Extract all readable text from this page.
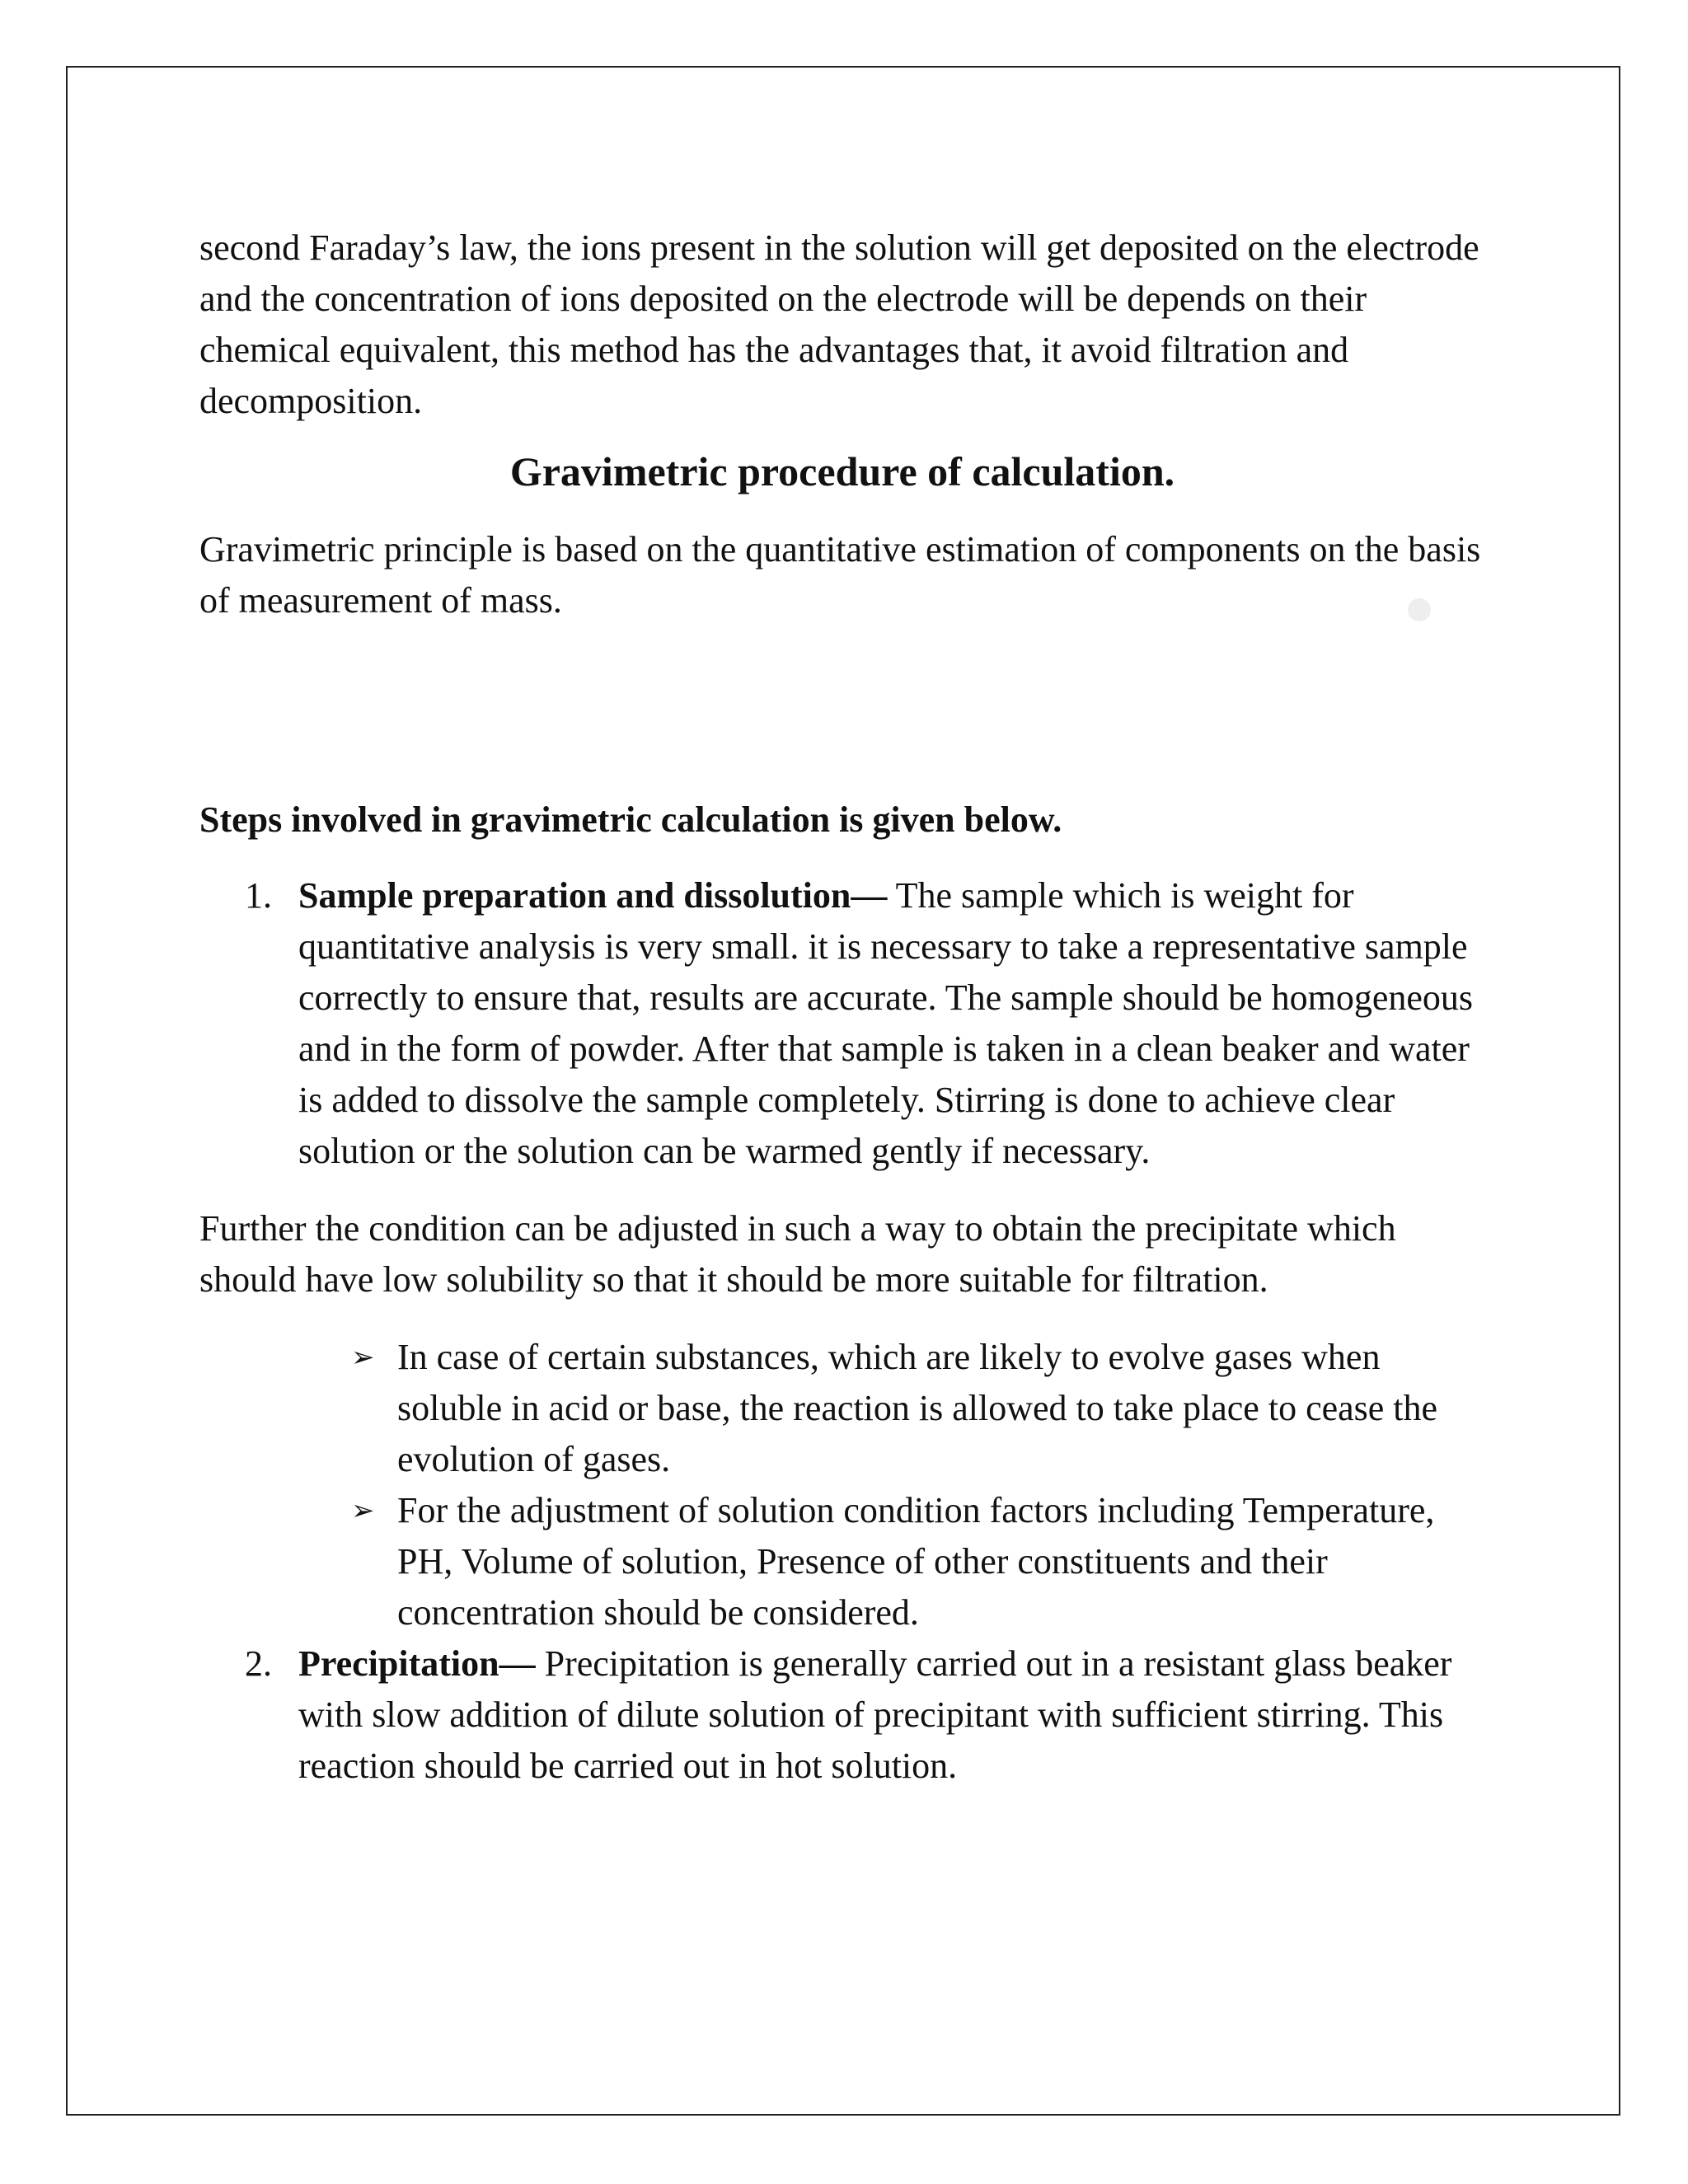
second Faraday’s law, the ions present in the solution will get deposited on the electrode and the concentration of ions deposited on the electrode will be depends on their chemical equivalent, this method has the advantages that, it avoid filtration and decomposition.

Gravimetric procedure of calculation.

Gravimetric principle is based on the quantitative estimation of components on the basis of measurement of mass.

Steps involved in gravimetric calculation is given below.

1. Sample preparation and dissolution— The sample which is weight for quantitative analysis is very small. it is necessary to take a representative sample correctly to ensure that, results are accurate. The sample should be homogeneous and in the form of powder. After that sample is taken in a clean beaker and water is added to dissolve the sample completely. Stirring is done to achieve clear solution or the solution can be warmed gently if necessary.

Further the condition can be adjusted in such a way to obtain the precipitate which should have low solubility so that it should be more suitable for filtration.

➢ In case of certain substances, which are likely to evolve gases when soluble in acid or base, the reaction is allowed to take place to cease the evolution of gases.
➢ For the adjustment of solution condition factors including Temperature, PH, Volume of solution, Presence of other constituents and their concentration should be considered.
2. Precipitation— Precipitation is generally carried out in a resistant glass beaker with slow addition of dilute solution of precipitant with sufficient stirring. This reaction should be carried out in hot solution.
